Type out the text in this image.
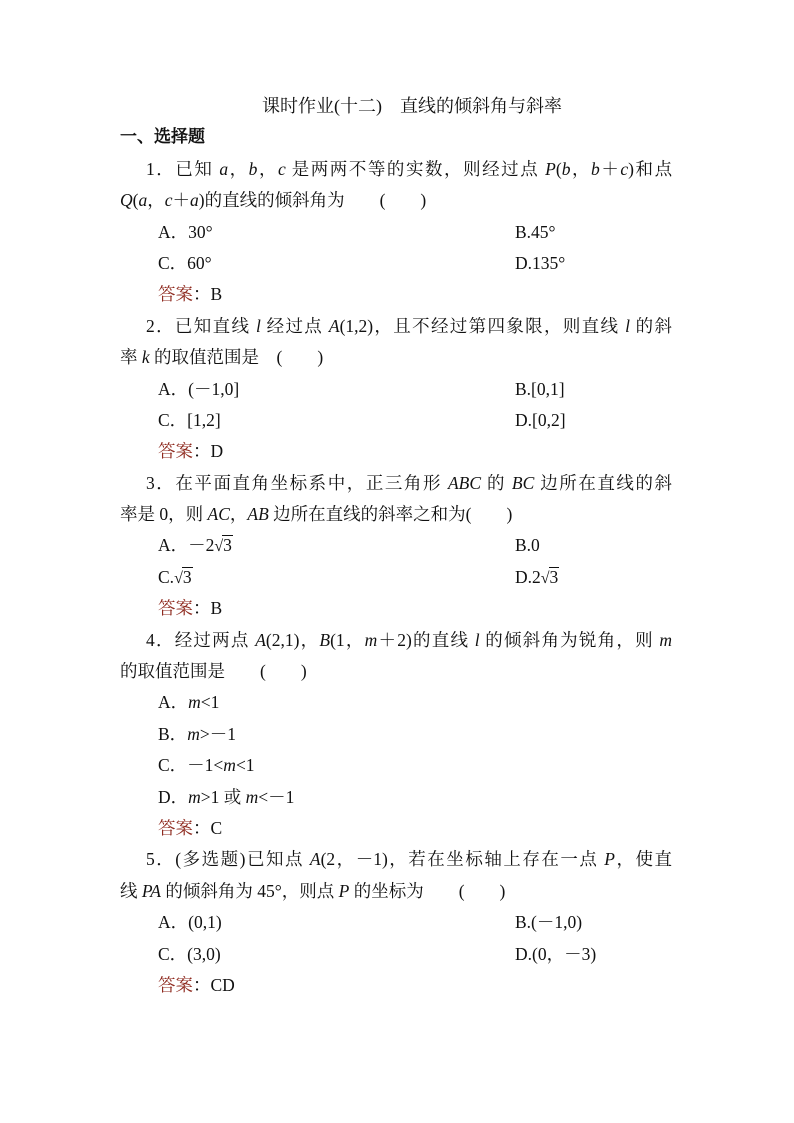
课时作业(十二)　直线的倾斜角与斜率
一、选择题
1．已知 a，b，c 是两两不等的实数，则经过点 P(b，b＋c)和点
Q(a，c＋a)的直线的倾斜角为　　(　　)
A．30°	B.45°
C．60°	D.135°
答案：B
2．已知直线 l 经过点 A(1,2)，且不经过第四象限，则直线 l 的斜
率 k 的取值范围是　(　　)
A．(－1,0]	B.[0,1]
C．[1,2]	D.[0,2]
答案：D
3．在平面直角坐标系中，正三角形 ABC 的 BC 边所在直线的斜
率是 0，则 AC，AB 边所在直线的斜率之和为(　　)
A．－2√3	B.0
C.√3	D.2√3
答案：B
4．经过两点 A(2,1)，B(1，m＋2)的直线 l 的倾斜角为锐角，则 m
的取值范围是　　(　　)
A．m<1
B．m>－1
C．－1<m<1
D．m>1 或 m<－1
答案：C
5．(多选题)已知点 A(2，－1)，若在坐标轴上存在一点 P，使直
线 PA 的倾斜角为 45°，则点 P 的坐标为　　(　　)
A．(0,1)	B.(－1,0)
C．(3,0)	D.(0，－3)
答案：CD
